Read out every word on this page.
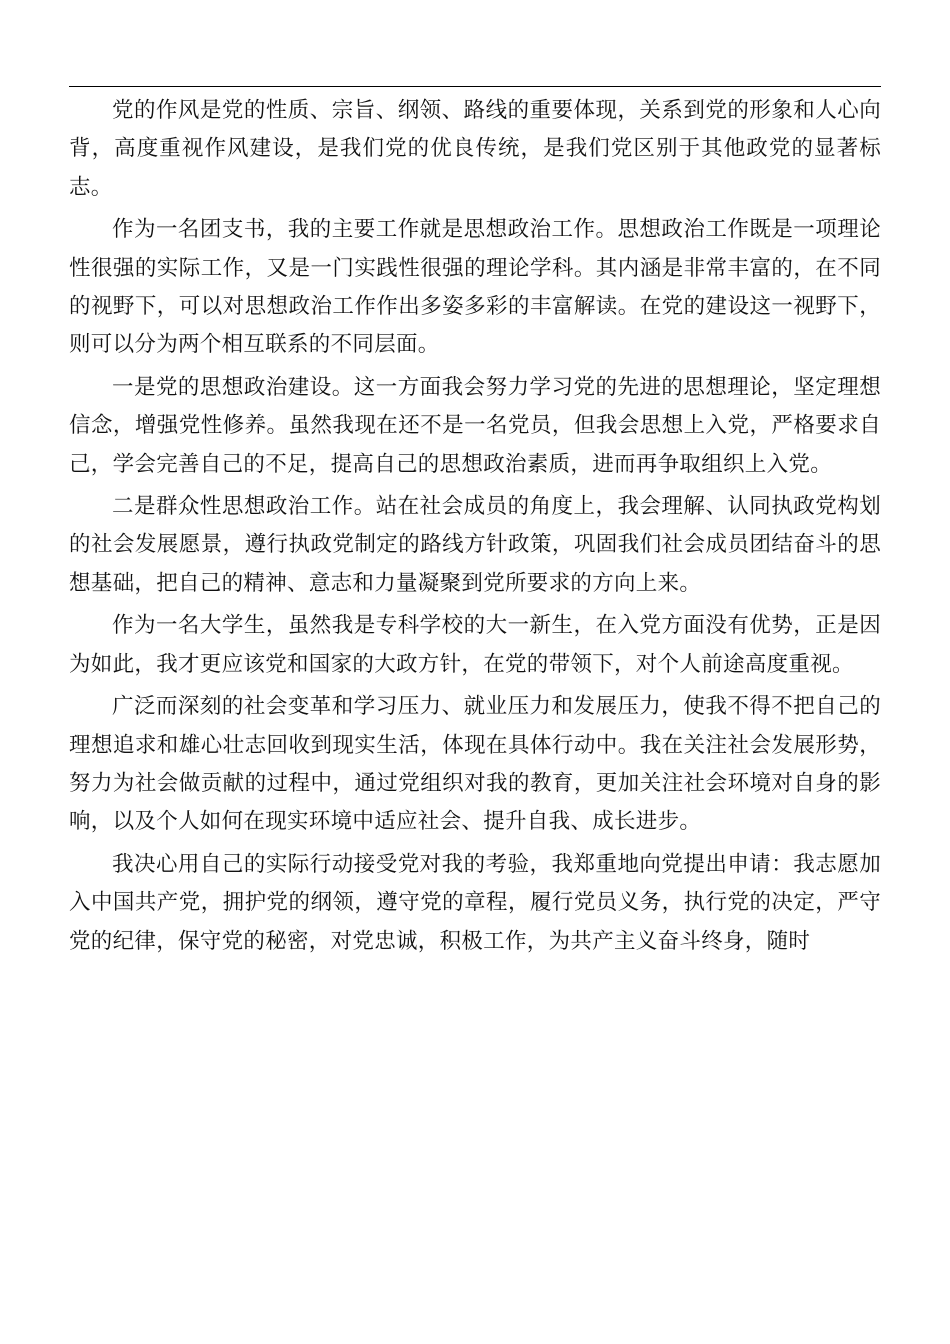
党的作风是党的性质、宗旨、纲领、路线的重要体现，关系到党的形象和人心向背，高度重视作风建设，是我们党的优良传统，是我们党区别于其他政党的显著标志。

作为一名团支书，我的主要工作就是思想政治工作。思想政治工作既是一项理论性很强的实际工作，又是一门实践性很强的理论学科。其内涵是非常丰富的，在不同的视野下，可以对思想政治工作作出多姿多彩的丰富解读。在党的建设这一视野下，则可以分为两个相互联系的不同层面。

一是党的思想政治建设。这一方面我会努力学习党的先进的思想理论，坚定理想信念，增强党性修养。虽然我现在还不是一名党员，但我会思想上入党，严格要求自己，学会完善自己的不足，提高自己的思想政治素质，进而再争取组织上入党。

二是群众性思想政治工作。站在社会成员的角度上，我会理解、认同执政党构划的社会发展愿景，遵行执政党制定的路线方针政策，巩固我们社会成员团结奋斗的思想基础，把自己的精神、意志和力量凝聚到党所要求的方向上来。

作为一名大学生，虽然我是专科学校的大一新生，在入党方面没有优势，正是因为如此，我才更应该党和国家的大政方针，在党的带领下，对个人前途高度重视。

广泛而深刻的社会变革和学习压力、就业压力和发展压力，使我不得不把自己的理想追求和雄心壮志回收到现实生活，体现在具体行动中。我在关注社会发展形势，努力为社会做贡献的过程中，通过党组织对我的教育，更加关注社会环境对自身的影响，以及个人如何在现实环境中适应社会、提升自我、成长进步。

我决心用自己的实际行动接受党对我的考验，我郑重地向党提出申请：我志愿加入中国共产党，拥护党的纲领，遵守党的章程，履行党员义务，执行党的决定，严守党的纪律，保守党的秘密，对党忠诚，积极工作，为共产主义奋斗终身，随时
